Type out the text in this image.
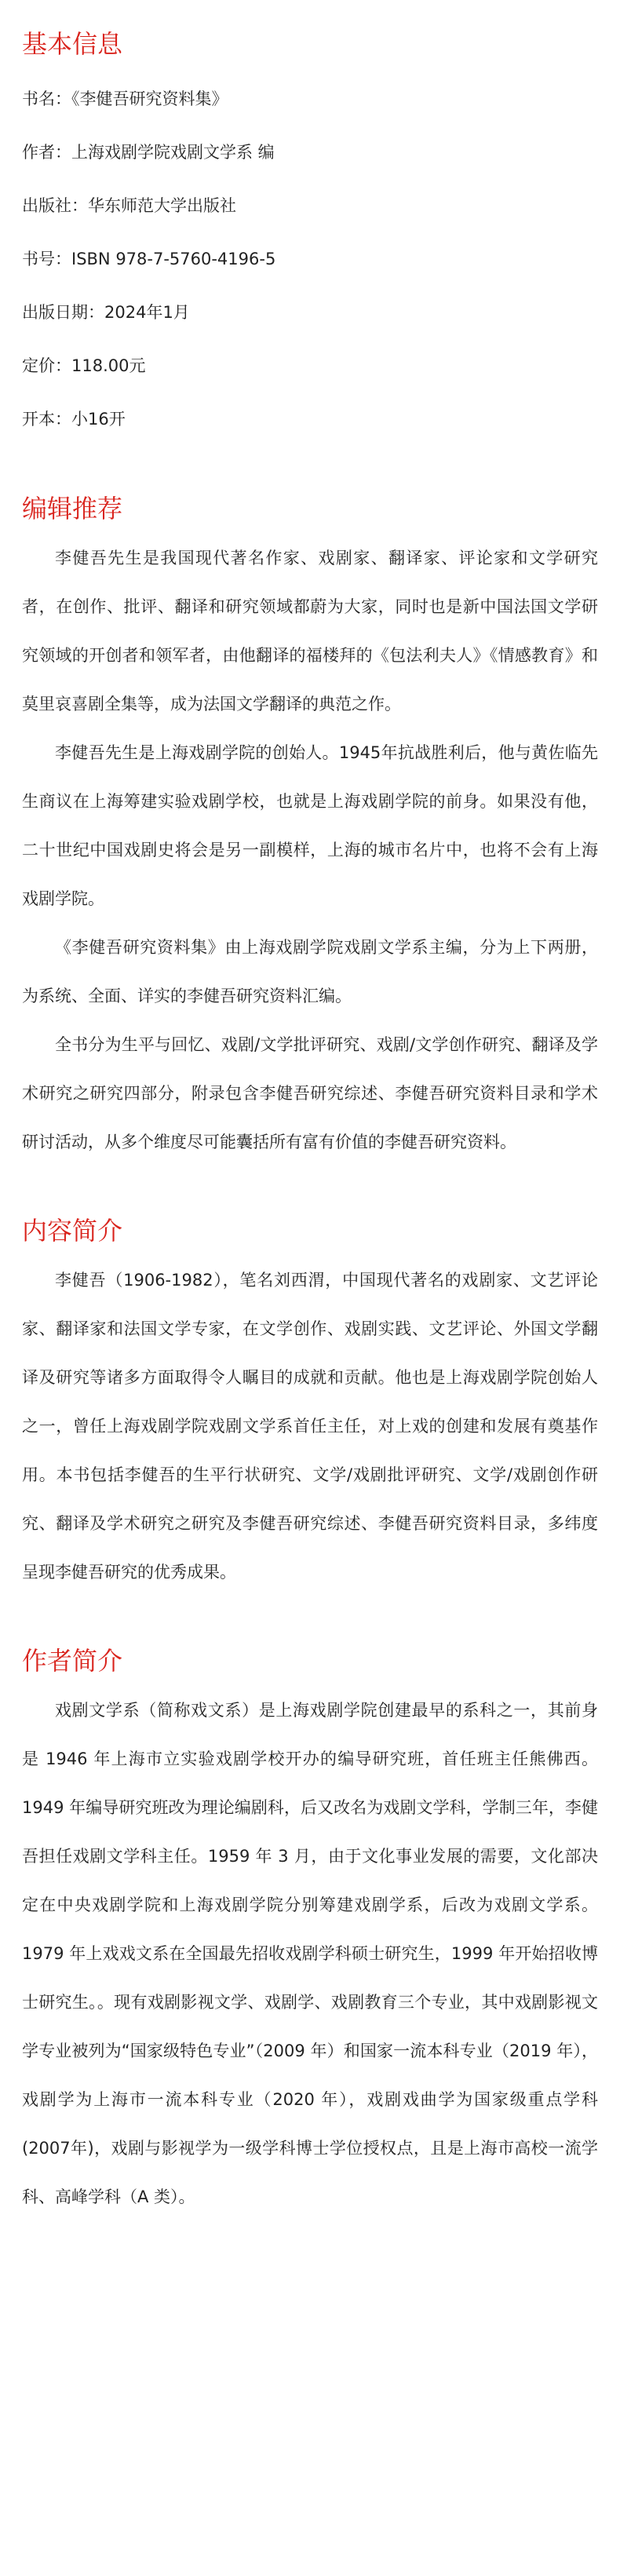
基本信息
书名：《李健吾研究资料集》
作者：上海戏剧学院戏剧文学系 编
出版社：华东师范大学出版社
书号：ISBN 978-7-5760-4196-5
出版日期：2024年1月
定价：118.00元
开本：小16开
编辑推荐

李健吾先生是我国现代著名作家、戏剧家、翻译家、评论家和文学研究者，在创作、批评、翻译和研究领域都蔚为大家，同时也是新中国法国文学研究领域的开创者和领军者，由他翻译的福楼拜的《包法利夫人》《情感教育》和莫里哀喜剧全集等，成为法国文学翻译的典范之作。

李健吾先生是上海戏剧学院的创始人。1945年抗战胜利后，他与黄佐临先生商议在上海筹建实验戏剧学校，也就是上海戏剧学院的前身。如果没有他，二十世纪中国戏剧史将会是另一副模样，上海的城市名片中，也将不会有上海戏剧学院。

《李健吾研究资料集》由上海戏剧学院戏剧文学系主编，分为上下两册，为系统、全面、详实的李健吾研究资料汇编。

全书分为生平与回忆、戏剧/文学批评研究、戏剧/文学创作研究、翻译及学术研究之研究四部分，附录包含李健吾研究综述、李健吾研究资料目录和学术研讨活动，从多个维度尽可能囊括所有富有价值的李健吾研究资料。

内容简介

李健吾（1906-1982），笔名刘西渭，中国现代著名的戏剧家、文艺评论家、翻译家和法国文学专家，在文学创作、戏剧实践、文艺评论、外国文学翻译及研究等诸多方面取得令人瞩目的成就和贡献。他也是上海戏剧学院创始人之一，曾任上海戏剧学院戏剧文学系首任主任，对上戏的创建和发展有奠基作用。本书包括李健吾的生平行状研究、文学/戏剧批评研究、文学/戏剧创作研究、翻译及学术研究之研究及李健吾研究综述、李健吾研究资料目录，多纬度呈现李健吾研究的优秀成果。

作者简介

戏剧文学系（简称戏文系）是上海戏剧学院创建最早的系科之一，其前身是 1946 年上海市立实验戏剧学校开办的编导研究班，首任班主任熊佛西。1949 年编导研究班改为理论编剧科，后又改名为戏剧文学科，学制三年，李健吾担任戏剧文学科主任。1959 年 3 月，由于文化事业发展的需要，文化部决定在中央戏剧学院和上海戏剧学院分别筹建戏剧学系，后改为戏剧文学系。1979 年上戏戏文系在全国最先招收戏剧学科硕士研究生，1999 年开始招收博士研究生。。现有戏剧影视文学、戏剧学、戏剧教育三个专业，其中戏剧影视文学专业被列为“国家级特色专业”（2009 年）和国家一流本科专业（2019 年），戏剧学为上海市一流本科专业（2020 年），戏剧戏曲学为国家级重点学科(2007年)，戏剧与影视学为一级学科博士学位授权点，且是上海市高校一流学科、高峰学科（A 类）。
